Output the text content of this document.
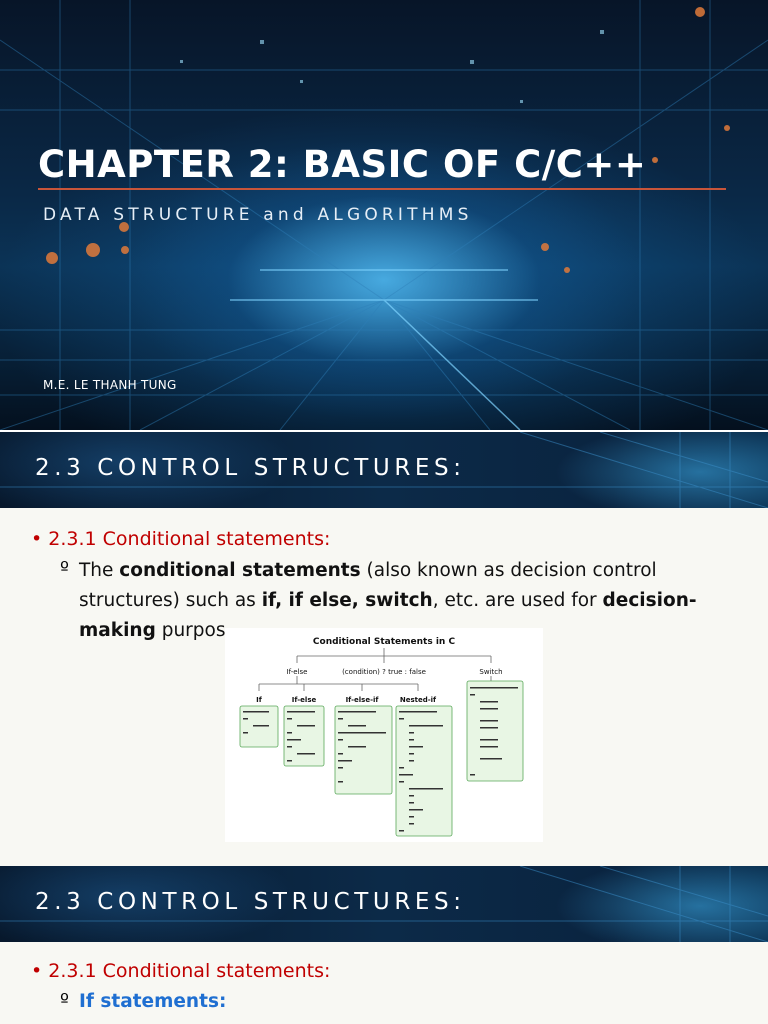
CHAPTER 2: BASIC OF C/C++
DATA STRUCTURE and ALGORITHMS
M.E. LE THANH TUNG
2.3 CONTROL STRUCTURES:
• 2.3.1 Conditional statements:
º The conditional statements (also known as decision control structures) such as if, if else, switch, etc. are used for decision-making purpos
Conditional Statements in C
If-else	(condition) ? true : false	Switch
If	If-else	If-else-if	Nested-if
2.3 CONTROL STRUCTURES:
• 2.3.1 Conditional statements:
º If statements:
